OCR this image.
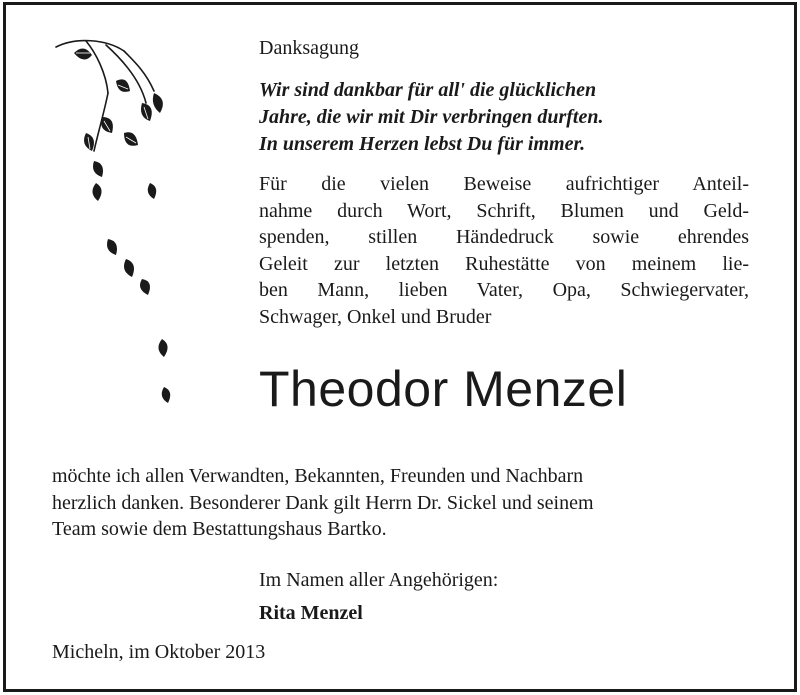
Danksagung
Wir sind dankbar für all' die glücklichen
Jahre, die wir mit Dir verbringen durften.
In unserem Herzen lebst Du für immer.
Für die vielen Beweise aufrichtiger Anteil-
nahme durch Wort, Schrift, Blumen und Geld-
spenden, stillen Händedruck sowie ehrendes
Geleit zur letzten Ruhestätte von meinem lie-
ben Mann, lieben Vater, Opa, Schwiegervater,
Schwager, Onkel und Bruder
Theodor Menzel
möchte ich allen Verwandten, Bekannten, Freunden und Nachbarn
herzlich danken. Besonderer Dank gilt Herrn Dr. Sickel und seinem
Team sowie dem Bestattungshaus Bartko.
Im Namen aller Angehörigen:
Rita Menzel
Micheln, im Oktober 2013
